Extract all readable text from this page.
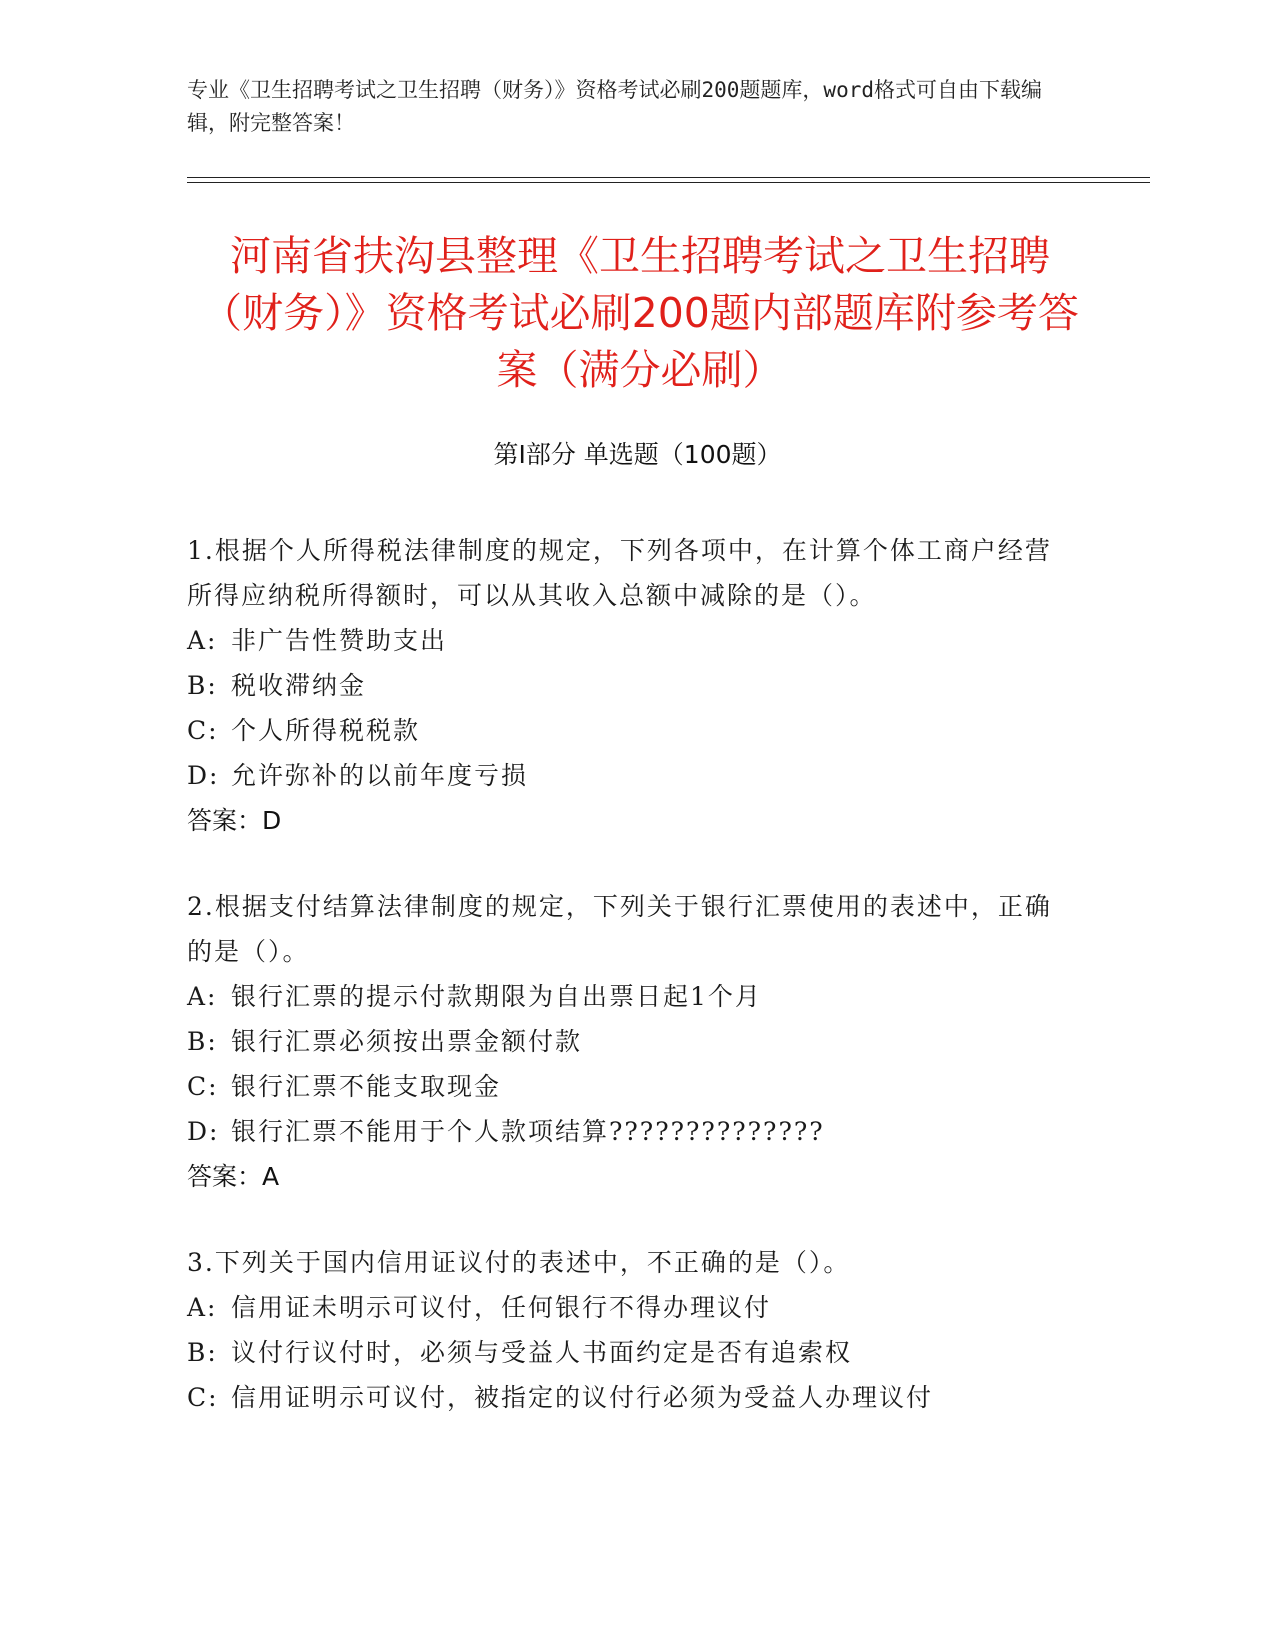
专业《卫生招聘考试之卫生招聘（财务）》资格考试必刷200题题库，word格式可自由下载编辑，附完整答案！
河南省扶沟县整理《卫生招聘考试之卫生招聘（财务）》资格考试必刷200题内部题库附参考答案（满分必刷）
第Ⅰ部分 单选题（100题）
1.根据个人所得税法律制度的规定，下列各项中，在计算个体工商户经营所得应纳税所得额时，可以从其收入总额中减除的是（）。
A: 非广告性赞助支出
B: 税收滞纳金
C: 个人所得税税款
D: 允许弥补的以前年度亏损
答案：D
2.根据支付结算法律制度的规定，下列关于银行汇票使用的表述中，正确的是（）。
A: 银行汇票的提示付款期限为自出票日起1个月
B: 银行汇票必须按出票金额付款
C: 银行汇票不能支取现金
D: 银行汇票不能用于个人款项结算??????????????
答案：A
3.下列关于国内信用证议付的表述中，不正确的是（）。
A: 信用证未明示可议付，任何银行不得办理议付
B: 议付行议付时，必须与受益人书面约定是否有追索权
C: 信用证明示可议付，被指定的议付行必须为受益人办理议付
